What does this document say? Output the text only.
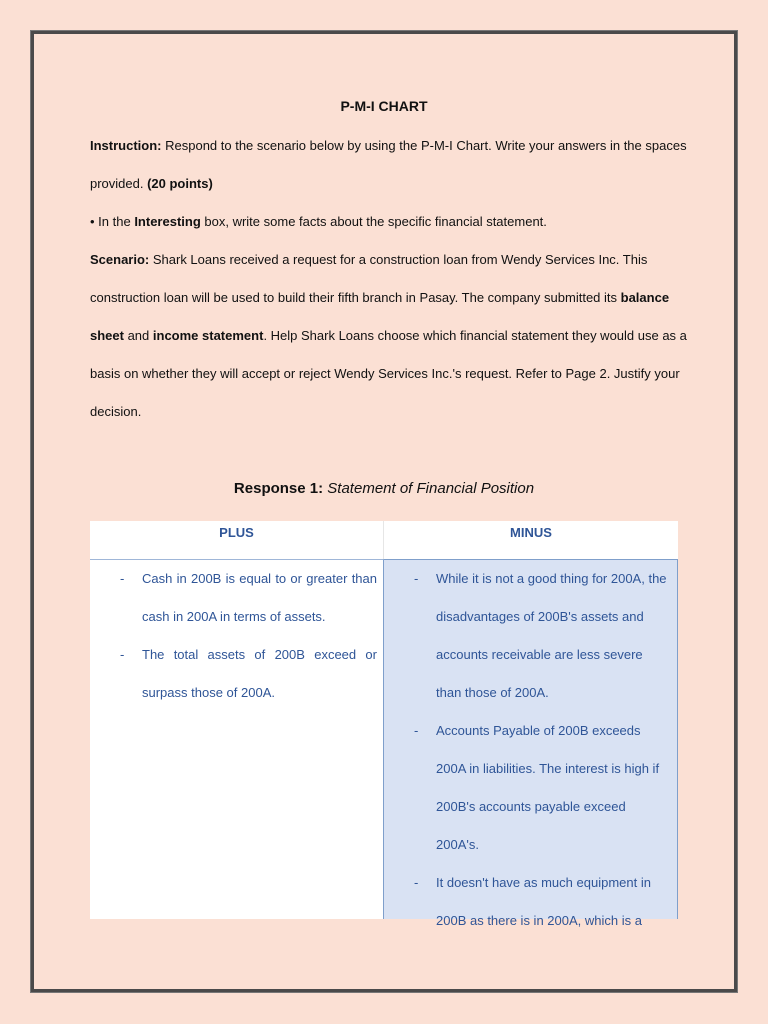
P-M-I CHART
Instruction: Respond to the scenario below by using the P-M-I Chart. Write your answers in the spaces provided. (20 points)
• In the Interesting box, write some facts about the specific financial statement.
Scenario: Shark Loans received a request for a construction loan from Wendy Services Inc. This construction loan will be used to build their fifth branch in Pasay. The company submitted its balance sheet and income statement. Help Shark Loans choose which financial statement they would use as a basis on whether they will accept or reject Wendy Services Inc.'s request. Refer to Page 2. Justify your decision.
Response 1: Statement of Financial Position
PLUS	MINUS
- Cash in 200B is equal to or greater than cash in 200A in terms of assets.
- The total assets of 200B exceed or surpass those of 200A.
- While it is not a good thing for 200A, the disadvantages of 200B's assets and accounts receivable are less severe than those of 200A.
- Accounts Payable of 200B exceeds 200A in liabilities. The interest is high if 200B's accounts payable exceed 200A's.
- It doesn't have as much equipment in 200B as there is in 200A, which is a
